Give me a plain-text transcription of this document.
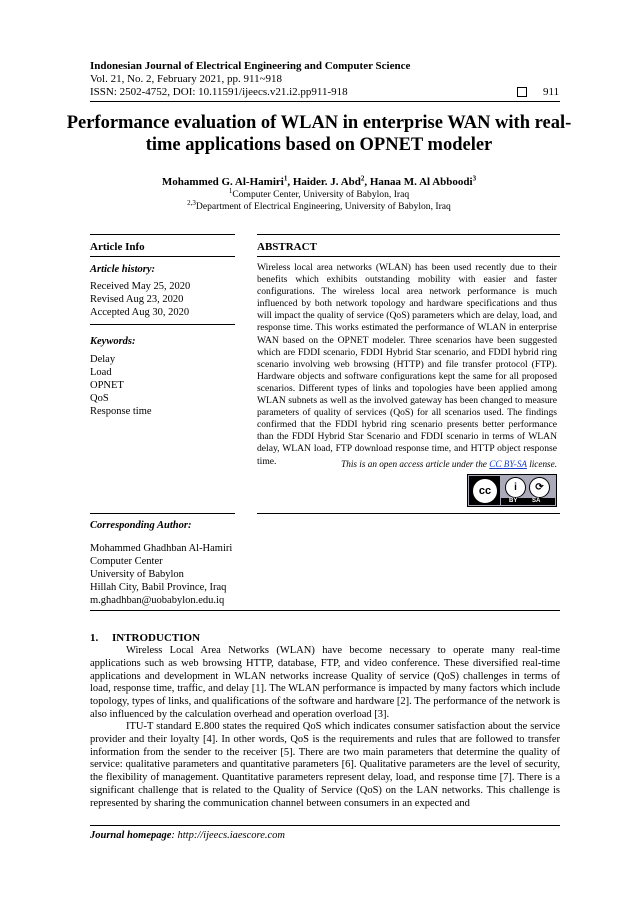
Indonesian Journal of Electrical Engineering and Computer Science
Vol. 21, No. 2, February 2021, pp. 911~918
ISSN: 2502-4752, DOI: 10.11591/ijeecs.v21.i2.pp911-918	911
Performance evaluation of WLAN in enterprise WAN with real-time applications based on OPNET modeler
Mohammed G. Al-Hamiri$^1$, Haider. J. Abd$^2$, Hanaa M. Al Abboodi$^3$
$^1$Computer Center, University of Babylon, Iraq
$^{2,3}$Department of Electrical Engineering, University of Babylon, Iraq
Article Info
Article history:
Received May 25, 2020
Revised Aug 23, 2020
Accepted Aug 30, 2020
Keywords:
Delay
Load
OPNET
QoS
Response time
ABSTRACT
Wireless local area networks (WLAN) has been used recently due to their benefits which exhibits outstanding mobility with easier and faster configurations. The wireless local area network performance is much influenced by both network topology and hardware specifications and thus will impact the quality of service (QoS) parameters which are delay, load, and response time. This works estimated the performance of WLAN in enterprise WAN based on the OPNET modeler. Three scenarios have been suggested which are FDDI scenario, FDDI Hybrid Star scenario, and FDDI hybrid ring scenario involving web browsing (HTTP) and file transfer protocol (FTP). Hardware objects and software configurations kept the same for all proposed scenarios. Different types of links and topologies have been applied among WLAN subnets as well as the involved gateway has been changed to measure parameters of quality of services (QoS) for all scenarios used. The findings confirmed that the FDDI hybrid ring scenario presents better performance than the FDDI Hybrid Star Scenario and FDDI scenario in terms of WLAN delay, WLAN load, FTP download response time, and HTTP object response time.	This is an open access article under the CC BY-SA license.
cc	i	⟳
BY SA
Corresponding Author:
Mohammed Ghadhban Al-Hamiri
Computer Center
University of Babylon
Hillah City, Babil Province, Iraq
m.ghadhban@uobabylon.edu.iq
1.     INTRODUCTION
Wireless Local Area Networks (WLAN) have become necessary to operate many real-time applications such as web browsing HTTP, database, FTP, and video conference. These diversified real-time applications and development in WLAN networks increase Quality of service (QoS) challenges in terms of load, response time, traffic, and delay [1]. The WLAN performance is impacted by many factors which include topology, types of links, and qualifications of the software and hardware [2]. The performance of the network is also influenced by the calculation overhead and operation overload [3].
ITU-T standard E.800 states the required QoS which indicates consumer satisfaction about the service provider and their loyalty [4]. In other words, QoS is the requirements and rules that are followed to transfer information from the sender to the receiver [5]. There are two main parameters that determine the quality of service: qualitative parameters and quantitative parameters [6]. Qualitative parameters are the level of security, the flexibility of management. Quantitative parameters represent delay, load, and response time [7]. There is a significant challenge that is related to the Quality of Service (QoS) on the LAN networks. This challenge is represented by sharing the communication channel between consumers in an expected and
Journal homepage: http://ijeecs.iaescore.com
